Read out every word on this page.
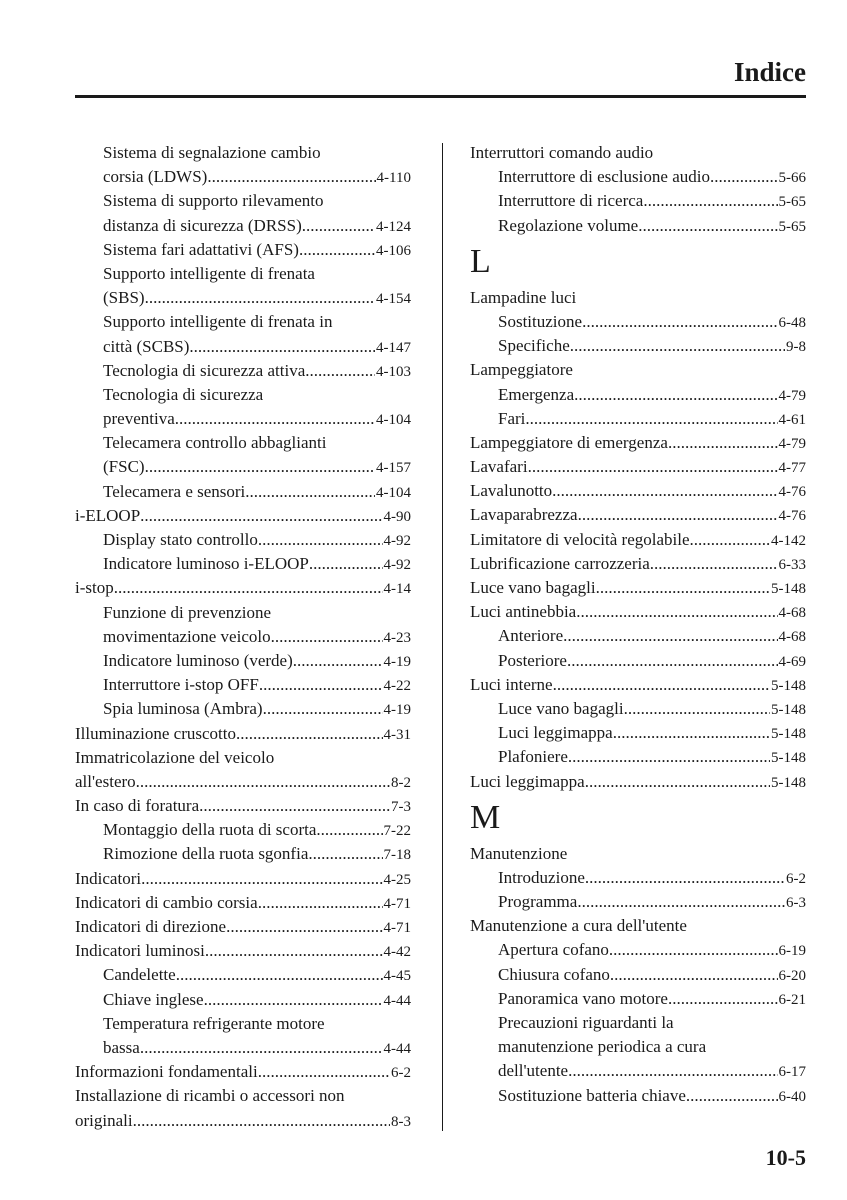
Indice
Sistema di segnalazione cambio
corsia (LDWS) .....	4-110
Sistema di supporto rilevamento
distanza di sicurezza (DRSS) .....	4-124
Sistema fari adattativi (AFS) .....	4-106
Supporto intelligente di frenata
(SBS) .....	4-154
Supporto intelligente di frenata in
città (SCBS) .....	4-147
Tecnologia di sicurezza attiva .....	4-103
Tecnologia di sicurezza
preventiva .....	4-104
Telecamera controllo abbaglianti
(FSC) .....	4-157
Telecamera e sensori .....	4-104
i-ELOOP .....	4-90
Display stato controllo .....	4-92
Indicatore luminoso i-ELOOP .....	4-92
i-stop .....	4-14
Funzione di prevenzione
movimentazione veicolo .....	4-23
Indicatore luminoso (verde) .....	4-19
Interruttore i-stop OFF .....	4-22
Spia luminosa (Ambra) .....	4-19
Illuminazione cruscotto .....	4-31
Immatricolazione del veicolo
all'estero .....	8-2
In caso di foratura .....	7-3
Montaggio della ruota di scorta .....	7-22
Rimozione della ruota sgonfia .....	7-18
Indicatori .....	4-25
Indicatori di cambio corsia .....	4-71
Indicatori di direzione .....	4-71
Indicatori luminosi .....	4-42
Candelette .....	4-45
Chiave inglese .....	4-44
Temperatura refrigerante motore
bassa .....	4-44
Informazioni fondamentali .....	6-2
Installazione di ricambi o accessori non
originali .....	8-3
Interruttori comando audio
Interruttore di esclusione audio .....	5-66
Interruttore di ricerca .....	5-65
Regolazione volume .....	5-65
L
Lampadine luci
Sostituzione .....	6-48
Specifiche .....	9-8
Lampeggiatore
Emergenza .....	4-79
Fari .....	4-61
Lampeggiatore di emergenza .....	4-79
Lavafari .....	4-77
Lavalunotto .....	4-76
Lavaparabrezza .....	4-76
Limitatore di velocità regolabile .....	4-142
Lubrificazione carrozzeria .....	6-33
Luce vano bagagli .....	5-148
Luci antinebbia .....	4-68
Anteriore .....	4-68
Posteriore .....	4-69
Luci interne .....	5-148
Luce vano bagagli .....	5-148
Luci leggimappa .....	5-148
Plafoniere .....	5-148
Luci leggimappa .....	5-148
M
Manutenzione
Introduzione .....	6-2
Programma .....	6-3
Manutenzione a cura dell'utente
Apertura cofano .....	6-19
Chiusura cofano .....	6-20
Panoramica vano motore .....	6-21
Precauzioni riguardanti la
manutenzione periodica a cura
dell'utente .....	6-17
Sostituzione batteria chiave .....	6-40
10-5
